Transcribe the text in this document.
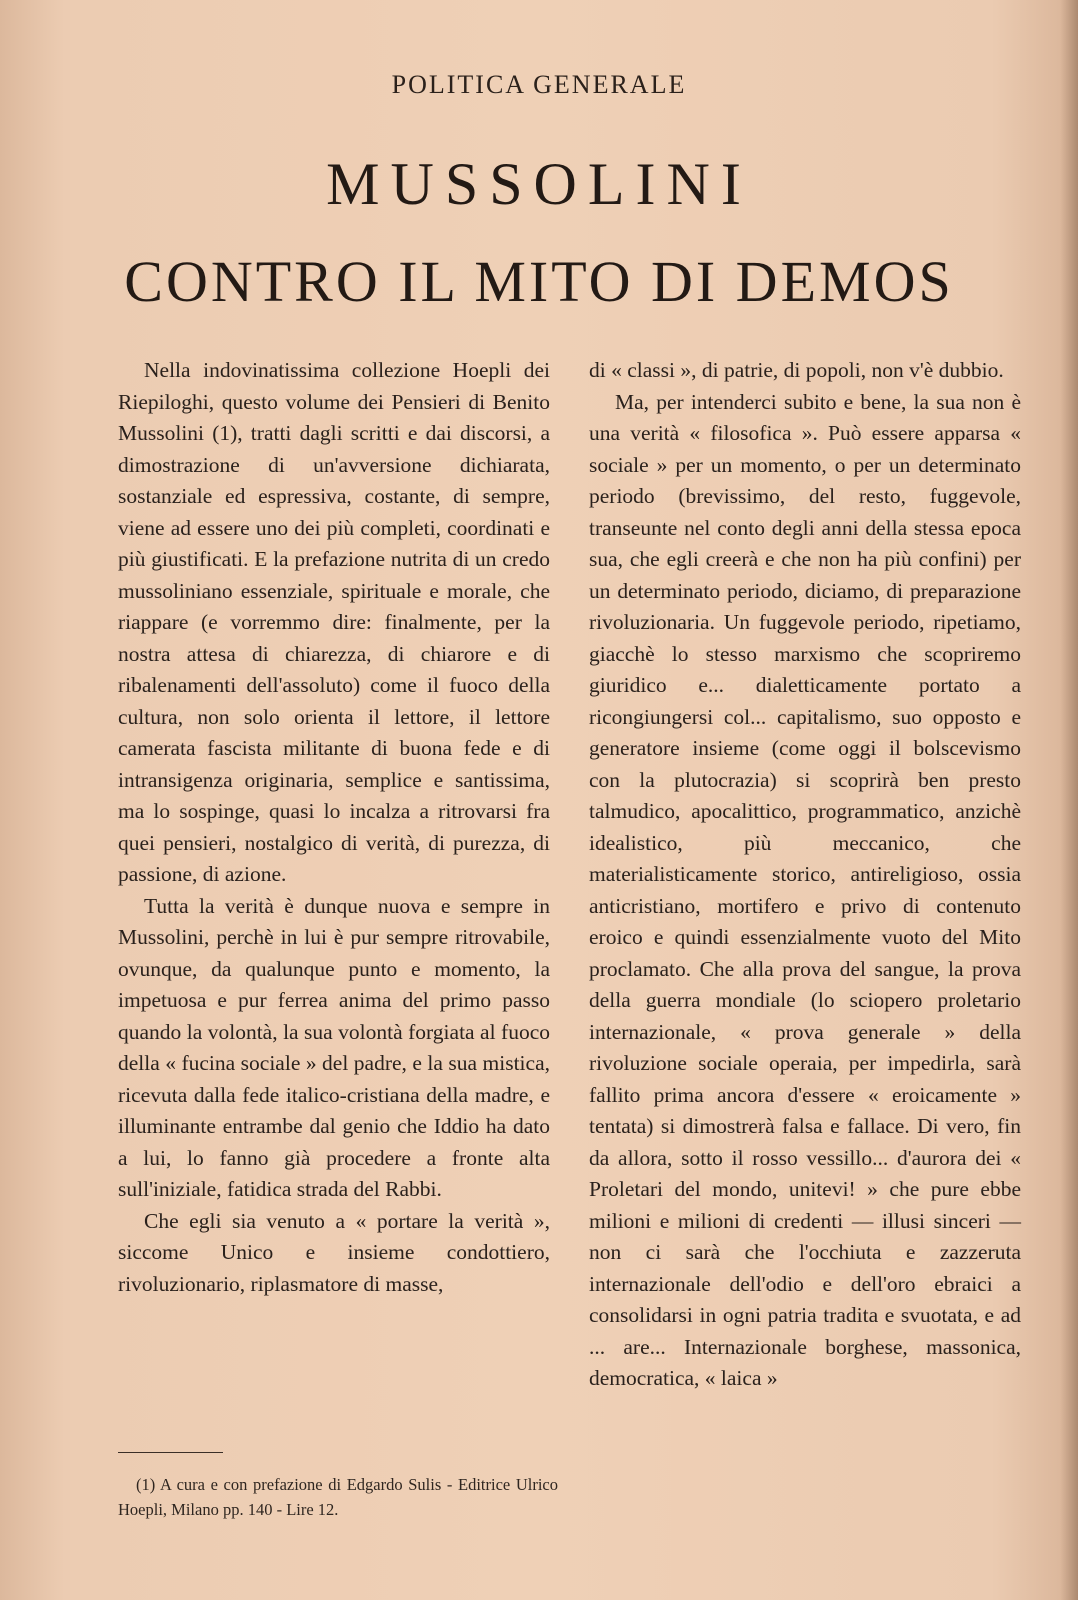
POLITICA GENERALE
MUSSOLINI
CONTRO IL MITO DI DEMOS

Nella indovinatissima collezione Hoepli dei Riepiloghi, questo volume dei Pensieri di Benito Mussolini (1), tratti dagli scritti e dai discorsi, a dimostrazione di un'avversione dichiarata, sostanziale ed espressiva, costante, di sempre, viene ad essere uno dei più completi, coordinati e più giustificati. E la prefazione nutrita di un credo mussoliniano essenziale, spirituale e morale, che riappare (e vorremmo dire: finalmente, per la nostra attesa di chiarezza, di chiarore e di ribalenamenti dell'assoluto) come il fuoco della cultura, non solo orienta il lettore, il lettore camerata fascista militante di buona fede e di intransigenza originaria, semplice e santissima, ma lo sospinge, quasi lo incalza a ritrovarsi fra quei pensieri, nostalgico di verità, di purezza, di passione, di azione.

Tutta la verità è dunque nuova e sempre in Mussolini, perchè in lui è pur sempre ritrovabile, ovunque, da qualunque punto e momento, la impetuosa e pur ferrea anima del primo passo quando la volontà, la sua volontà forgiata al fuoco della « fucina sociale » del padre, e la sua mistica, ricevuta dalla fede italico-cristiana della madre, e illuminante entrambe dal genio che Iddio ha dato a lui, lo fanno già procedere a fronte alta sull'iniziale, fatidica strada del Rabbi.

Che egli sia venuto a « portare la verità », siccome Unico e insieme condottiero, rivoluzionario, riplasmatore di masse,

di « classi », di patrie, di popoli, non v'è dubbio.

Ma, per intenderci subito e bene, la sua non è una verità « filosofica ». Può essere apparsa « sociale » per un momento, o per un determinato periodo (brevissimo, del resto, fuggevole, transeunte nel conto degli anni della stessa epoca sua, che egli creerà e che non ha più confini) per un determinato periodo, diciamo, di preparazione rivoluzionaria. Un fuggevole periodo, ripetiamo, giacchè lo stesso marxismo che scopriremo giuridico e... dialetticamente portato a ricongiungersi col... capitalismo, suo opposto e generatore insieme (come oggi il bolscevismo con la plutocrazia) si scoprirà ben presto talmudico, apocalittico, programmatico, anzichè idealistico, più meccanico, che materialisticamente storico, antireligioso, ossia anticristiano, mortifero e privo di contenuto eroico e quindi essenzialmente vuoto del Mito proclamato. Che alla prova del sangue, la prova della guerra mondiale (lo sciopero proletario internazionale, « prova generale » della rivoluzione sociale operaia, per impedirla, sarà fallito prima ancora d'essere « eroicamente » tentata) si dimostrerà falsa e fallace. Di vero, fin da allora, sotto il rosso vessillo... d'aurora dei « Proletari del mondo, unitevi! » che pure ebbe milioni e milioni di credenti — illusi sinceri — non ci sarà che l'occhiuta e zazzeruta internazionale dell'odio e dell'oro ebraici a consolidarsi in ogni patria tradita e svuotata, e ad ... are... Internazionale borghese, massonica, democratica, « laica »

(1) A cura e con prefazione di Edgardo Sulis - Editrice Ulrico Hoepli, Milano pp. 140 - Lire 12.
